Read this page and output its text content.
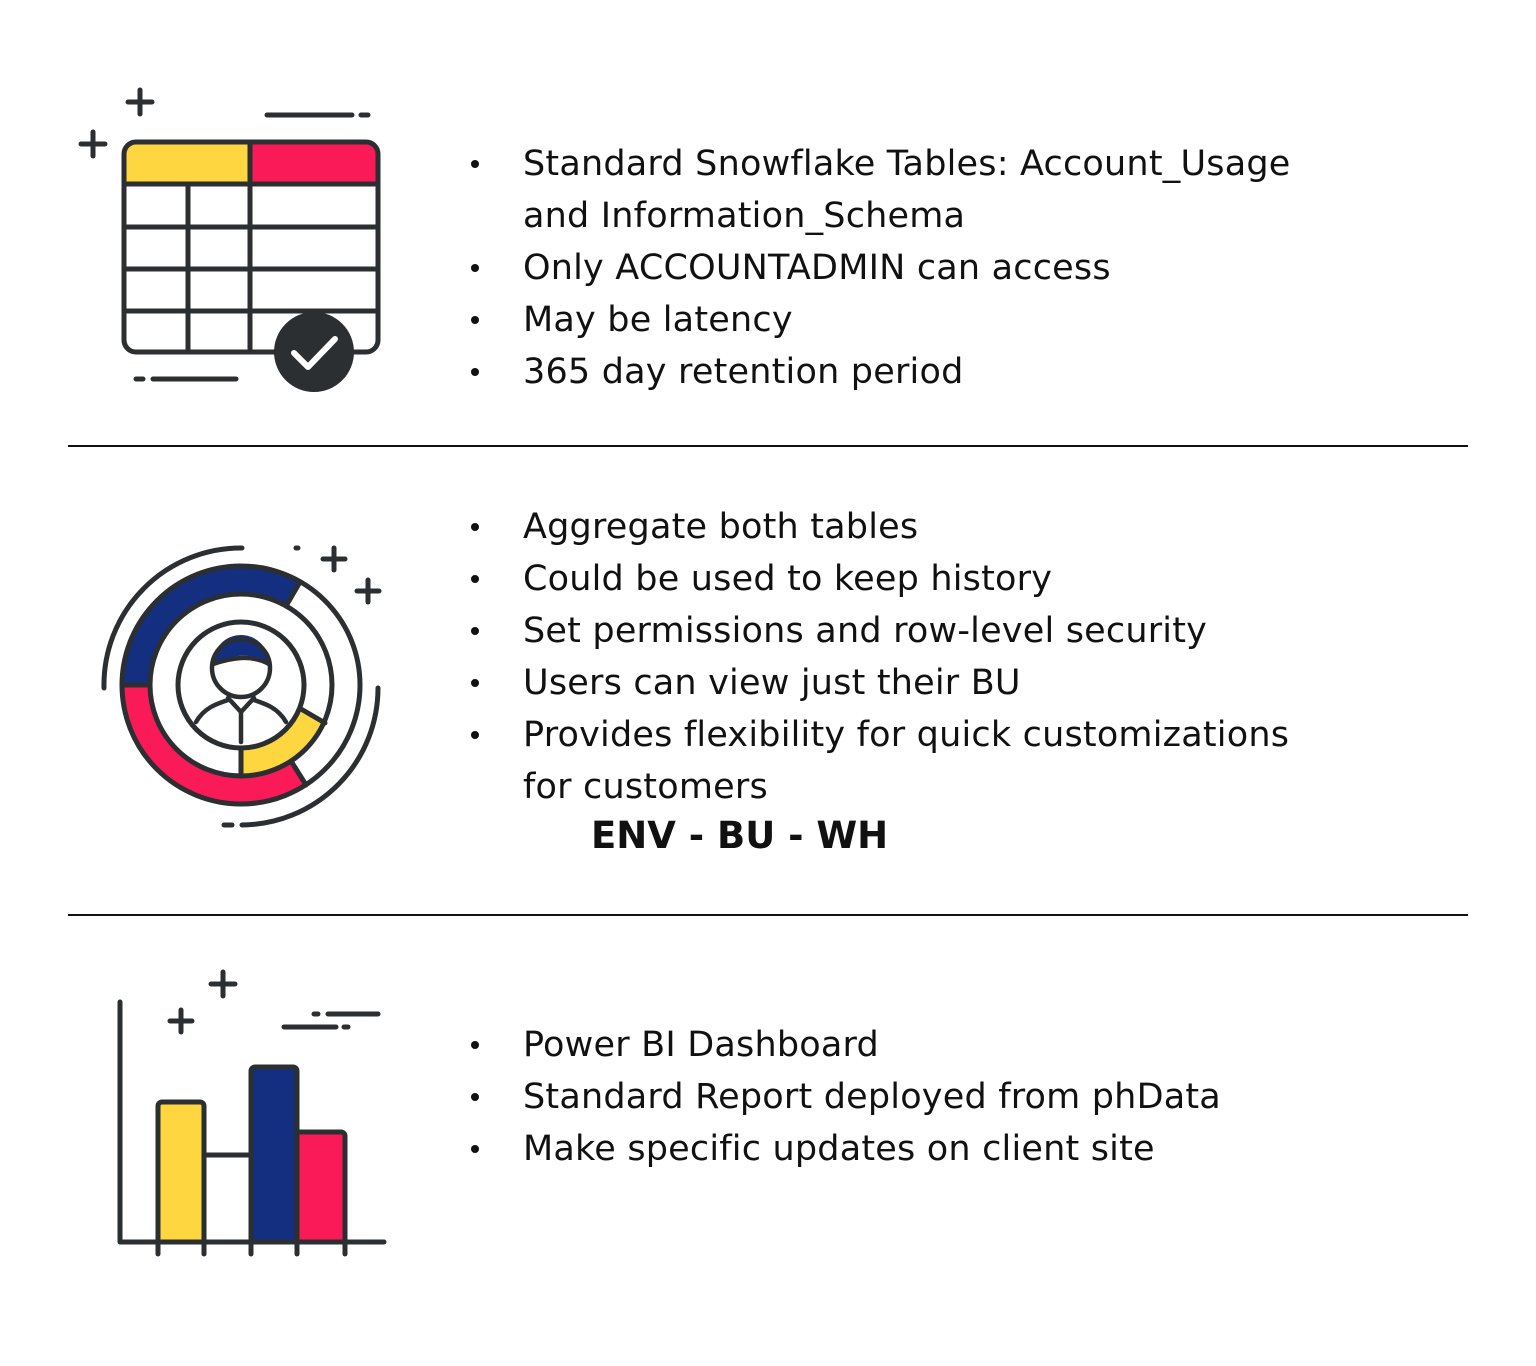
Standard Snowflake Tables: Account_Usage
and Information_Schema
Only ACCOUNTADMIN can access
May be latency
365 day retention period
Aggregate both tables
Could be used to keep history
Set permissions and row-level security
Users can view just their BU
Provides flexibility for quick customizations
for customers
ENV - BU - WH
Power BI Dashboard
Standard Report deployed from phData
Make specific updates on client site
